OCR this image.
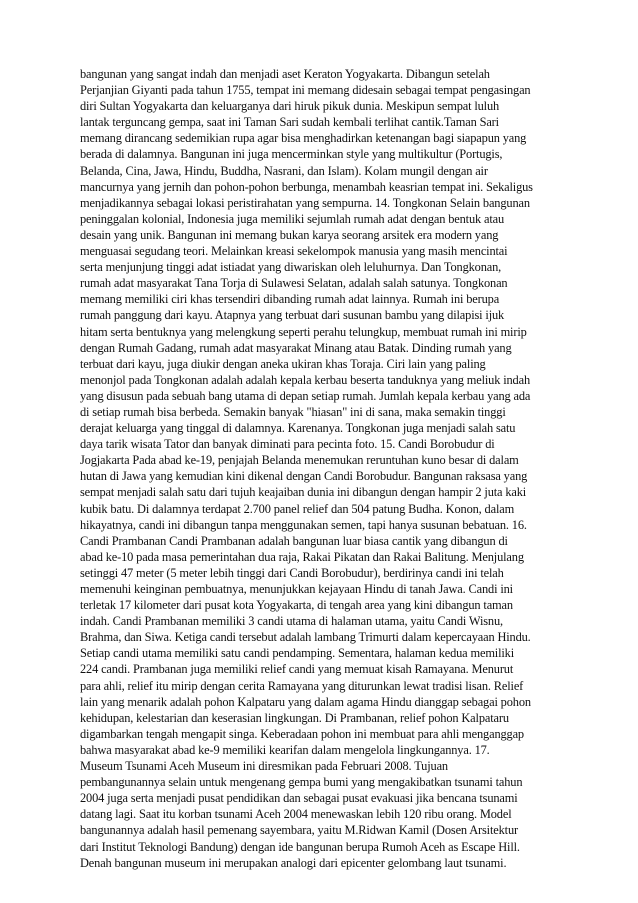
bangunan yang sangat indah dan menjadi aset Keraton Yogyakarta. Dibangun setelah
Perjanjian Giyanti pada tahun 1755, tempat ini memang didesain sebagai tempat pengasingan
diri Sultan Yogyakarta dan keluarganya dari hiruk pikuk dunia. Meskipun sempat luluh
lantak terguncang gempa, saat ini Taman Sari sudah kembali terlihat cantik.Taman Sari
memang dirancang sedemikian rupa agar bisa menghadirkan ketenangan bagi siapapun yang
berada di dalamnya. Bangunan ini juga mencerminkan style yang multikultur (Portugis,
Belanda, Cina, Jawa, Hindu, Buddha, Nasrani, dan Islam). Kolam mungil dengan air
mancurnya yang jernih dan pohon-pohon berbunga, menambah keasrian tempat ini. Sekaligus
menjadikannya sebagai lokasi peristirahatan yang sempurna. 14. Tongkonan Selain bangunan
peninggalan kolonial, Indonesia juga memiliki sejumlah rumah adat dengan bentuk atau
desain yang unik. Bangunan ini memang bukan karya seorang arsitek era modern yang
menguasai segudang teori. Melainkan kreasi sekelompok manusia yang masih mencintai
serta menjunjung tinggi adat istiadat yang diwariskan oleh leluhurnya. Dan Tongkonan,
rumah adat masyarakat Tana Torja di Sulawesi Selatan, adalah salah satunya. Tongkonan
memang memiliki ciri khas tersendiri dibanding rumah adat lainnya. Rumah ini berupa
rumah panggung dari kayu. Atapnya yang terbuat dari susunan bambu yang dilapisi ijuk
hitam serta bentuknya yang melengkung seperti perahu telungkup, membuat rumah ini mirip
dengan Rumah Gadang, rumah adat masyarakat Minang atau Batak. Dinding rumah yang
terbuat dari kayu, juga diukir dengan aneka ukiran khas Toraja. Ciri lain yang paling
menonjol pada Tongkonan adalah adalah kepala kerbau beserta tanduknya yang meliuk indah
yang disusun pada sebuah bang utama di depan setiap rumah. Jumlah kepala kerbau yang ada
di setiap rumah bisa berbeda. Semakin banyak "hiasan" ini di sana, maka semakin tinggi
derajat keluarga yang tinggal di dalamnya. Karenanya. Tongkonan juga menjadi salah satu
daya tarik wisata Tator dan banyak diminati para pecinta foto. 15. Candi Borobudur di
Jogjakarta Pada abad ke-19, penjajah Belanda menemukan reruntuhan kuno besar di dalam
hutan di Jawa yang kemudian kini dikenal dengan Candi Borobudur. Bangunan raksasa yang
sempat menjadi salah satu dari tujuh keajaiban dunia ini dibangun dengan hampir 2 juta kaki
kubik batu. Di dalamnya terdapat 2.700 panel relief dan 504 patung Budha. Konon, dalam
hikayatnya, candi ini dibangun tanpa menggunakan semen, tapi hanya susunan bebatuan. 16.
Candi Prambanan Candi Prambanan adalah bangunan luar biasa cantik yang dibangun di
abad ke-10 pada masa pemerintahan dua raja, Rakai Pikatan dan Rakai Balitung. Menjulang
setinggi 47 meter (5 meter lebih tinggi dari Candi Borobudur), berdirinya candi ini telah
memenuhi keinginan pembuatnya, menunjukkan kejayaan Hindu di tanah Jawa. Candi ini
terletak 17 kilometer dari pusat kota Yogyakarta, di tengah area yang kini dibangun taman
indah. Candi Prambanan memiliki 3 candi utama di halaman utama, yaitu Candi Wisnu,
Brahma, dan Siwa. Ketiga candi tersebut adalah lambang Trimurti dalam kepercayaan Hindu.
Setiap candi utama memiliki satu candi pendamping. Sementara, halaman kedua memiliki
224 candi. Prambanan juga memiliki relief candi yang memuat kisah Ramayana. Menurut
para ahli, relief itu mirip dengan cerita Ramayana yang diturunkan lewat tradisi lisan. Relief
lain yang menarik adalah pohon Kalpataru yang dalam agama Hindu dianggap sebagai pohon
kehidupan, kelestarian dan keserasian lingkungan. Di Prambanan, relief pohon Kalpataru
digambarkan tengah mengapit singa. Keberadaan pohon ini membuat para ahli menganggap
bahwa masyarakat abad ke-9 memiliki kearifan dalam mengelola lingkungannya. 17.
Museum Tsunami Aceh Museum ini diresmikan pada Februari 2008. Tujuan
pembangunannya selain untuk mengenang gempa bumi yang mengakibatkan tsunami tahun
2004 juga serta menjadi pusat pendidikan dan sebagai pusat evakuasi jika bencana tsunami
datang lagi. Saat itu korban tsunami Aceh 2004 menewaskan lebih 120 ribu orang. Model
bangunannya adalah hasil pemenang sayembara, yaitu M.Ridwan Kamil (Dosen Arsitektur
dari Institut Teknologi Bandung) dengan ide bangunan berupa Rumoh Aceh as Escape Hill.
Denah bangunan museum ini merupakan analogi dari epicenter gelombang laut tsunami.
